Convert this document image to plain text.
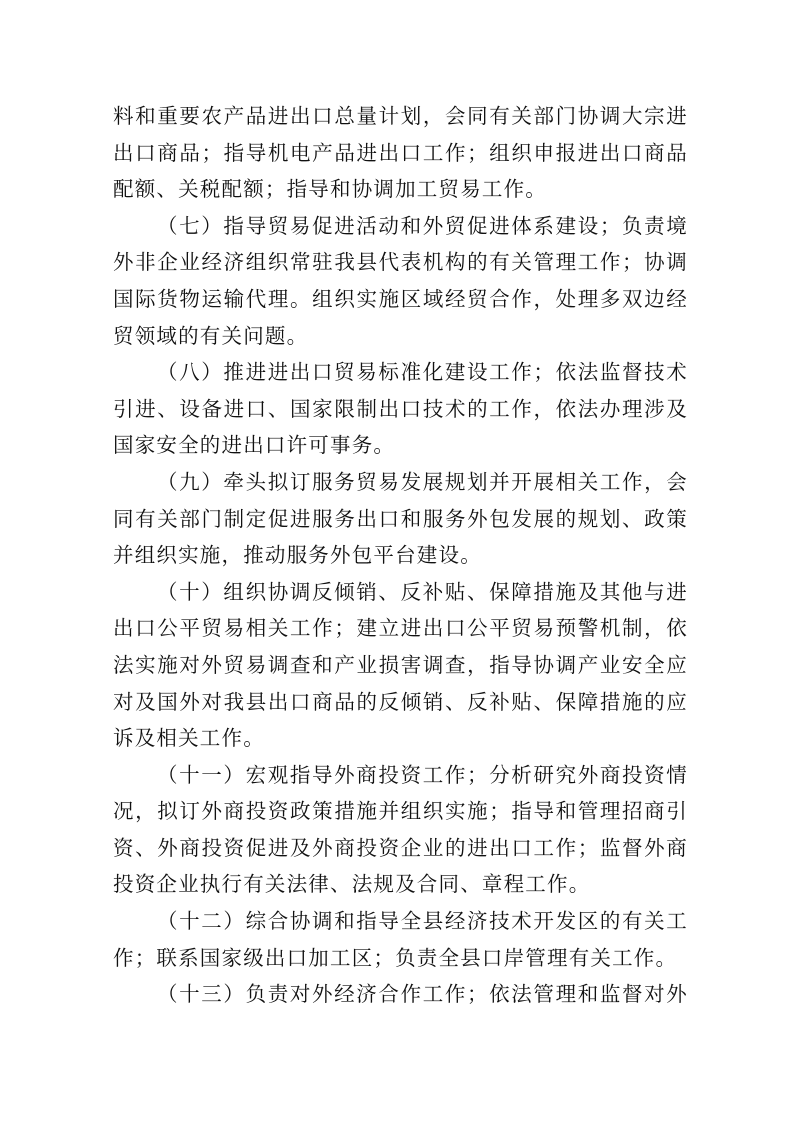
料和重要农产品进出口总量计划，会同有关部门协调大宗进
出口商品；指导机电产品进出口工作；组织申报进出口商品
配额、关税配额；指导和协调加工贸易工作。
（七）指导贸易促进活动和外贸促进体系建设；负责境
外非企业经济组织常驻我县代表机构的有关管理工作；协调
国际货物运输代理。组织实施区域经贸合作，处理多双边经
贸领域的有关问题。
（八）推进进出口贸易标准化建设工作；依法监督技术
引进、设备进口、国家限制出口技术的工作，依法办理涉及
国家安全的进出口许可事务。
（九）牵头拟订服务贸易发展规划并开展相关工作，会
同有关部门制定促进服务出口和服务外包发展的规划、政策
并组织实施，推动服务外包平台建设。
（十）组织协调反倾销、反补贴、保障措施及其他与进
出口公平贸易相关工作；建立进出口公平贸易预警机制，依
法实施对外贸易调查和产业损害调查，指导协调产业安全应
对及国外对我县出口商品的反倾销、反补贴、保障措施的应
诉及相关工作。
（十一）宏观指导外商投资工作；分析研究外商投资情
况，拟订外商投资政策措施并组织实施；指导和管理招商引
资、外商投资促进及外商投资企业的进出口工作；监督外商
投资企业执行有关法律、法规及合同、章程工作。
（十二）综合协调和指导全县经济技术开发区的有关工
作；联系国家级出口加工区；负责全县口岸管理有关工作。
（十三）负责对外经济合作工作；依法管理和监督对外
